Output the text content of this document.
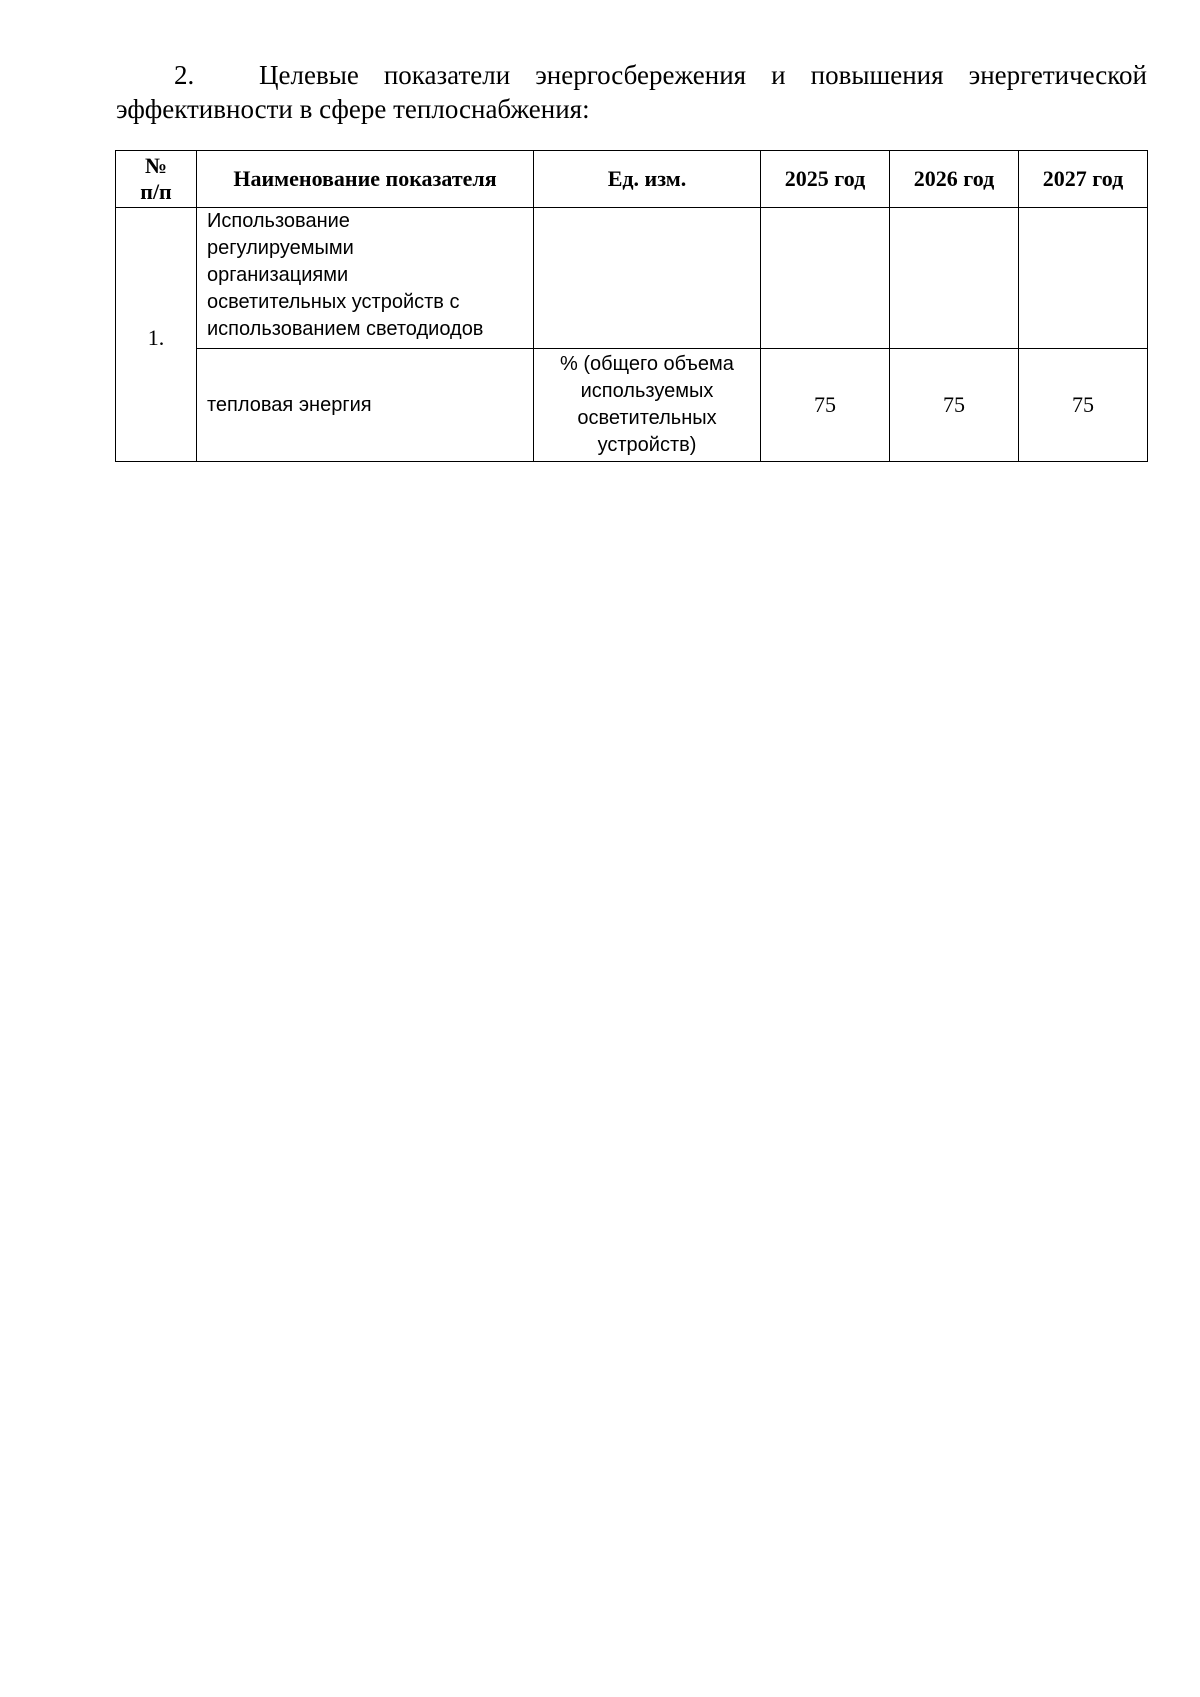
2. Целевые показатели энергосбережения и повышения энергетической
эффективности в сфере теплоснабжения:
№
п/п	Наименование показателя	Ед. изм.	2025 год	2026 год	2027 год
1.	Использование
регулируемыми
организациями
осветительных устройств с
использованием светодиодов				

	тепловая энергия	% (общего объема
используемых
осветительных
устройств)	75	75	75
